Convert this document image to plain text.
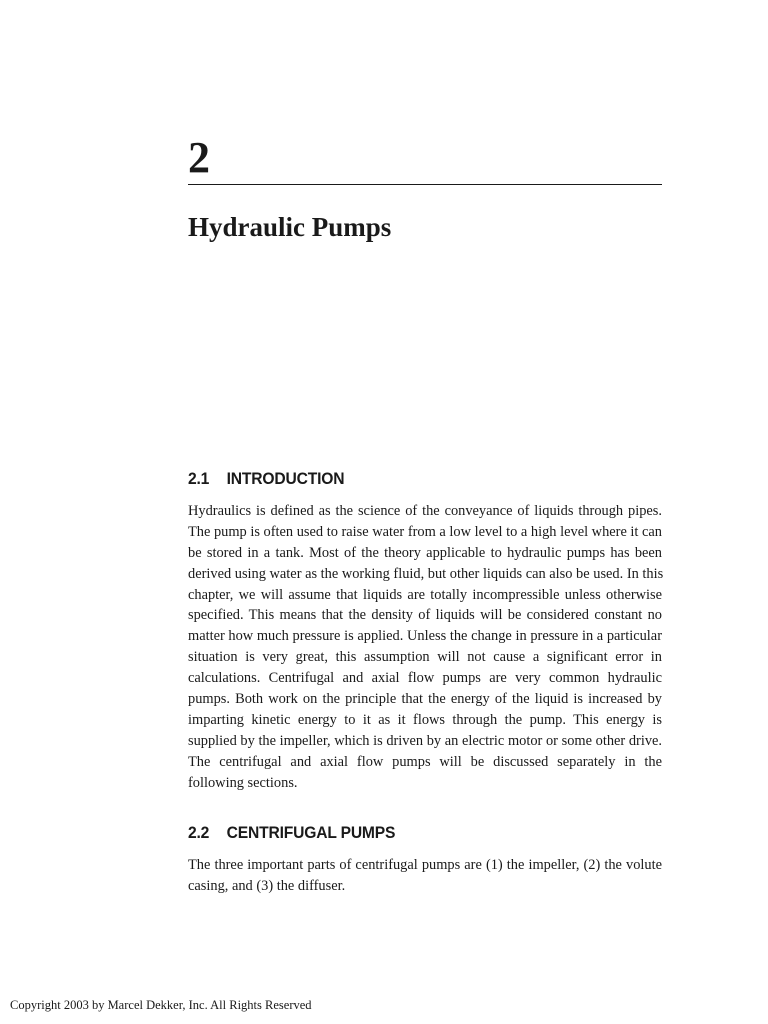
2
Hydraulic Pumps
2.1 INTRODUCTION
Hydraulics is defined as the science of the conveyance of liquids through pipes.
The pump is often used to raise water from a low level to a high level where it can
be stored in a tank. Most of the theory applicable to hydraulic pumps has been
derived using water as the working fluid, but other liquids can also be used. In this
chapter, we will assume that liquids are totally incompressible unless otherwise
specified. This means that the density of liquids will be considered constant no
matter how much pressure is applied. Unless the change in pressure in a particular
situation is very great, this assumption will not cause a significant error in
calculations. Centrifugal and axial flow pumps are very common hydraulic
pumps. Both work on the principle that the energy of the liquid is increased by
imparting kinetic energy to it as it flows through the pump. This energy is
supplied by the impeller, which is driven by an electric motor or some other drive.
The centrifugal and axial flow pumps will be discussed separately in the
following sections.
2.2 CENTRIFUGAL PUMPS
The three important parts of centrifugal pumps are (1) the impeller, (2) the volute
casing, and (3) the diffuser.
Copyright 2003 by Marcel Dekker, Inc. All Rights Reserved
